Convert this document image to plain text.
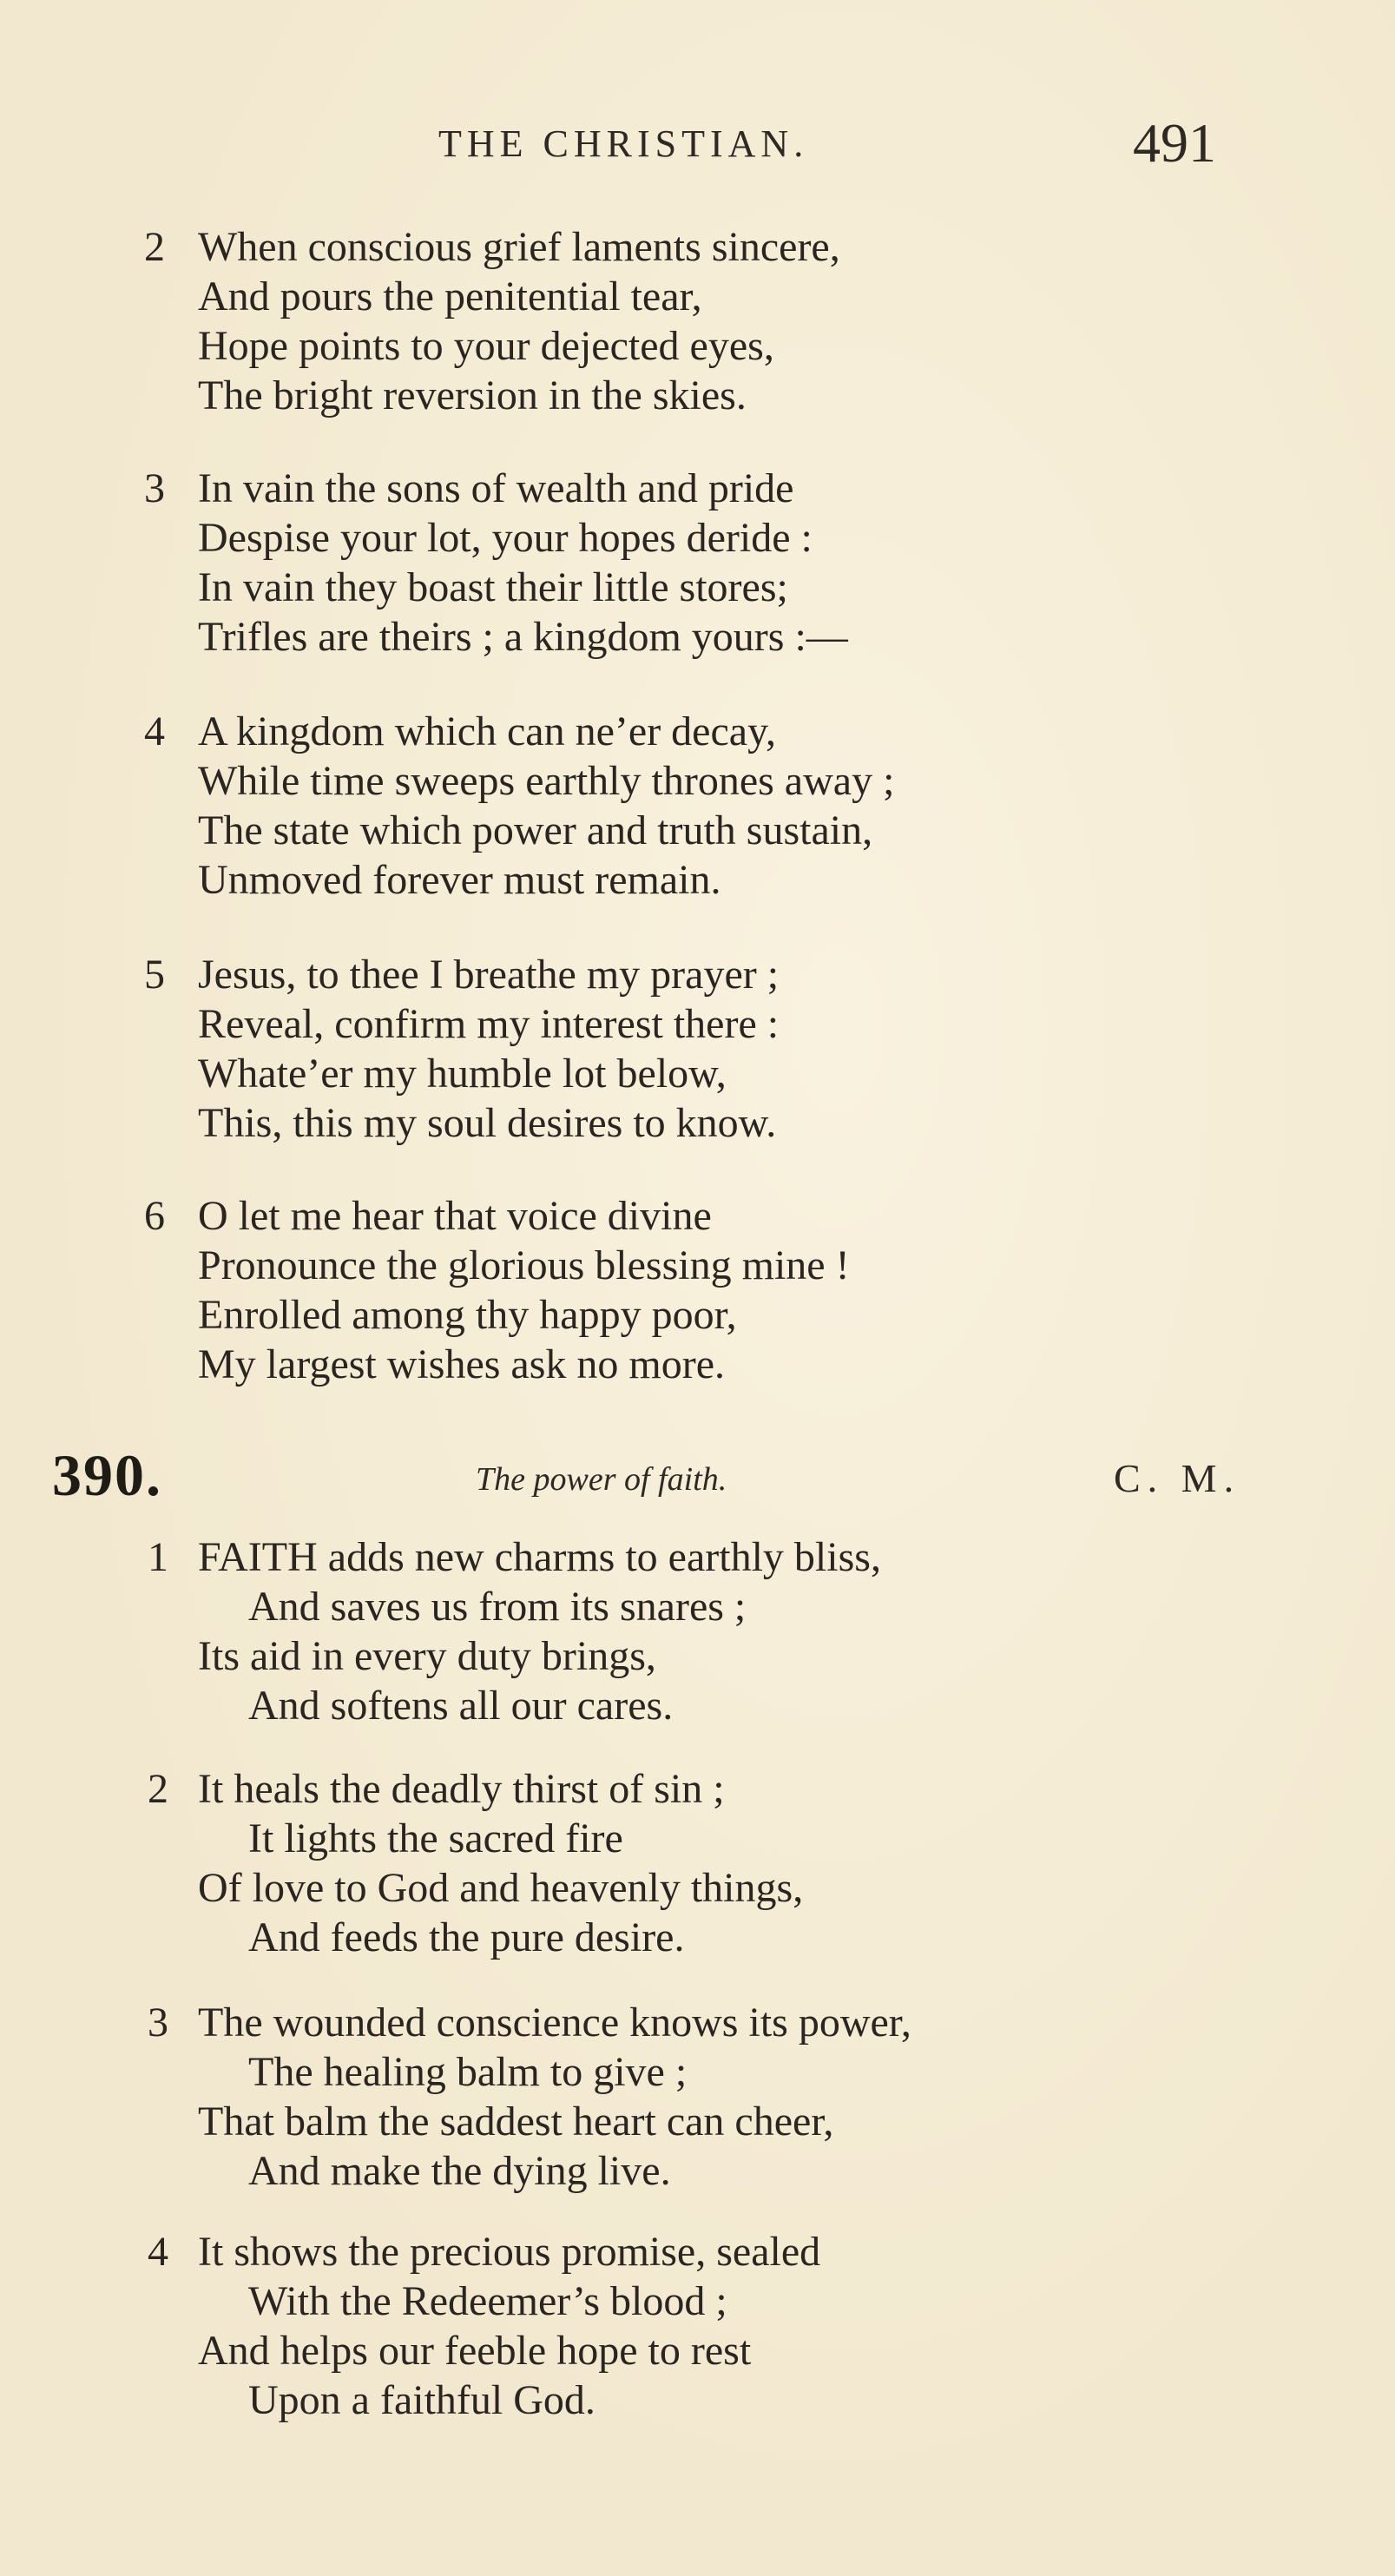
THE CHRISTIAN.	491
2 When conscious grief laments sincere,
And pours the penitential tear,
Hope points to your dejected eyes,
The bright reversion in the skies.
3 In vain the sons of wealth and pride
Despise your lot, your hopes deride :
In vain they boast their little stores;
Trifles are theirs ; a kingdom yours :—
4 A kingdom which can ne’er decay,
While time sweeps earthly thrones away ;
The state which power and truth sustain,
Unmoved forever must remain.
5 Jesus, to thee I breathe my prayer ;
Reveal, confirm my interest there :
Whate’er my humble lot below,
This, this my soul desires to know.
6 O let me hear that voice divine
Pronounce the glorious blessing mine !
Enrolled among thy happy poor,
My largest wishes ask no more.
390.	The power of faith.	C. M.
1 FAITH adds new charms to earthly bliss,
And saves us from its snares ;
Its aid in every duty brings,
And softens all our cares.
2 It heals the deadly thirst of sin ;
It lights the sacred fire
Of love to God and heavenly things,
And feeds the pure desire.
3 The wounded conscience knows its power,
The healing balm to give ;
That balm the saddest heart can cheer,
And make the dying live.
4 It shows the precious promise, sealed
With the Redeemer’s blood ;
And helps our feeble hope to rest
Upon a faithful God.
